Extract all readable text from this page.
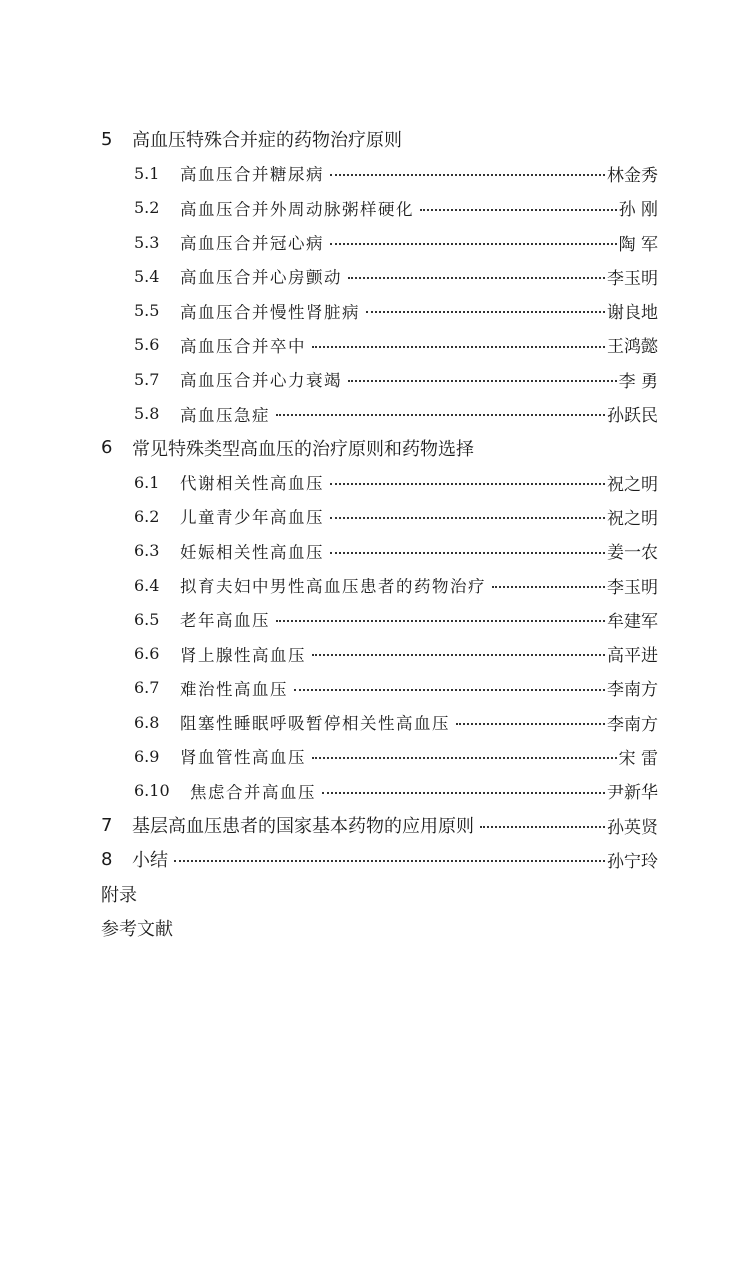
5 高血压特殊合并症的药物治疗原则
5.1 高血压合并糖尿病	林金秀
5.2 高血压合并外周动脉粥样硬化	孙 刚
5.3 高血压合并冠心病	陶 军
5.4 高血压合并心房颤动	李玉明
5.5 高血压合并慢性肾脏病	谢良地
5.6 高血压合并卒中	王鸿懿
5.7 高血压合并心力衰竭	李 勇
5.8 高血压急症	孙跃民
6 常见特殊类型高血压的治疗原则和药物选择
6.1 代谢相关性高血压	祝之明
6.2 儿童青少年高血压	祝之明
6.3 妊娠相关性高血压	姜一农
6.4 拟育夫妇中男性高血压患者的药物治疗	李玉明
6.5 老年高血压	牟建军
6.6 肾上腺性高血压	高平进
6.7 难治性高血压	李南方
6.8 阻塞性睡眠呼吸暂停相关性高血压	李南方
6.9 肾血管性高血压	宋 雷
6.10 焦虑合并高血压	尹新华
7 基层高血压患者的国家基本药物的应用原则	孙英贤
8 小结	孙宁玲
附录
参考文献
